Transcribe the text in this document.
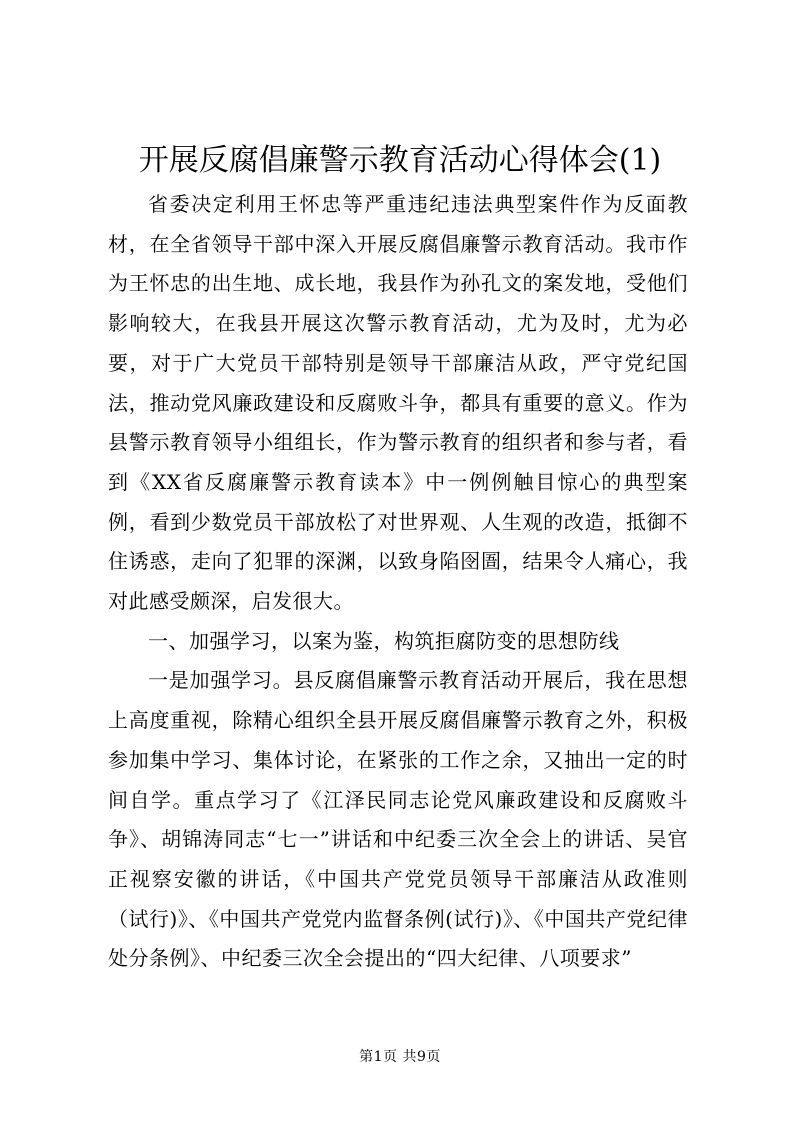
开展反腐倡廉警示教育活动心得体会(1)

省委决定利用王怀忠等严重违纪违法典型案件作为反面教材，在全省领导干部中深入开展反腐倡廉警示教育活动。我市作为王怀忠的出生地、成长地，我县作为孙孔文的案发地，受他们影响较大，在我县开展这次警示教育活动，尤为及时，尤为必要，对于广大党员干部特别是领导干部廉洁从政，严守党纪国法，推动党风廉政建设和反腐败斗争，都具有重要的意义。作为县警示教育领导小组组长，作为警示教育的组织者和参与者，看到《XX省反腐廉警示教育读本》中一例例触目惊心的典型案例，看到少数党员干部放松了对世界观、人生观的改造，抵御不住诱惑，走向了犯罪的深渊，以致身陷囹圄，结果令人痛心，我对此感受颇深，启发很大。

一、加强学习，以案为鉴，构筑拒腐防变的思想防线

一是加强学习。县反腐倡廉警示教育活动开展后，我在思想上高度重视，除精心组织全县开展反腐倡廉警示教育之外，积极参加集中学习、集体讨论，在紧张的工作之余，又抽出一定的时间自学。重点学习了《江泽民同志论党风廉政建设和反腐败斗争》、胡锦涛同志“七一”讲话和中纪委三次全会上的讲话、吴官正视察安徽的讲话，《中国共产党党员领导干部廉洁从政准则（试行)》、《中国共产党党内监督条例(试行)》、《中国共产党纪律处分条例》、中纪委三次全会提出的“四大纪律、八项要求”

第1页 共9页
